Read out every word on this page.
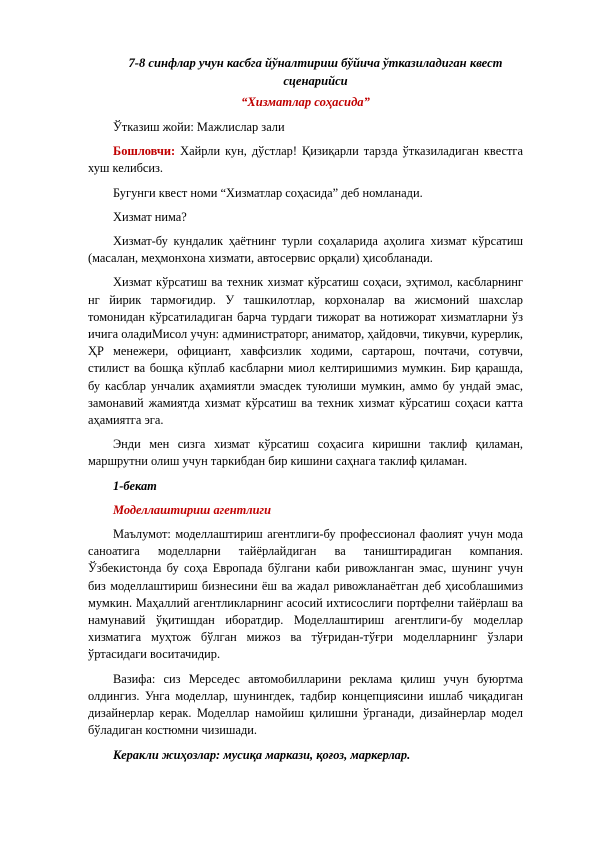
7-8 синфлар учун касбга йўналтириш бўйича ўтказиладиган квест сценарийси

“Хизматлар соҳасида”

Ўтказиш жойи: Мажлислар зали

Бошловчи: Хайрли кун, дўстлар! Қизиқарли тарзда ўтказиладиган квестга хуш келибсиз.

Бугунги квест номи “Хизматлар соҳасида” деб номланади.

Хизмат нима?

Хизмат-бу кундалик ҳаётнинг турли соҳаларида аҳолига хизмат кўрсатиш (масалан, меҳмонхона хизмати, автосервис орқали) ҳисобланади.

Хизмат кўрсатиш ва техник хизмат кўрсатиш соҳаси, эҳтимол, касбларнинг нг йирик тармоғидир. У ташкилотлар, корхоналар ва жисмоний шахслар томонидан кўрсатиладиган барча турдаги тижорат ва нотижорат хизматларни ўз ичига оладиМисол учун: администраторг, аниматор, ҳайдовчи, тикувчи, курерлик, ҲР менежери, официант, хавфсизлик ходими, сартарош, почтачи, сотувчи, стилист ва бошқа кўплаб касбларни миол келтиришимиз мумкин. Бир қарашда, бу касблар унчалик аҳамиятли эмасдек туюлиши мумкин, аммо бу ундай эмас, замонавий жамиятда хизмат кўрсатиш ва техник хизмат кўрсатиш соҳаси катта аҳамиятга эга.

Энди мен сизга хизмат кўрсатиш соҳасига киришни таклиф қиламан, маршрутни олиш учун таркибдан бир кишини саҳнага таклиф қиламан.

1-бекат

Моделлаштириш агентлиги

Маълумот: моделлаштириш агентлиги-бу профессионал фаолият учун мода саноатига моделларни тайёрлайдиган ва таништирадиган компания. Ўзбекистонда бу соҳа Европада бўлгани каби ривожланган эмас, шунинг учун биз моделлаштириш бизнесини ёш ва жадал ривожланаётган деб ҳисоблашимиз мумкин. Маҳаллий агентликларнинг асосий ихтисослиги портфелни тайёрлаш ва намунавий ўқитишдан иборатдир. Моделлаштириш агентлиги-бу моделлар хизматига муҳтож бўлган мижоз ва тўғридан-тўғри моделларнинг ўзлари ўртасидаги воситачидир.

Вазифа: сиз Мерседес автомобилларини реклама қилиш учун буюртма олдингиз. Унга моделлар, шунингдек, тадбир концепциясини ишлаб чиқадиган дизайнерлар керак. Моделлар намойиш қилишни ўрганади, дизайнерлар модел бўладиган костюмни чизишади.

Керакли жиҳозлар: мусиқа маркази, қоғоз, маркерлар.
